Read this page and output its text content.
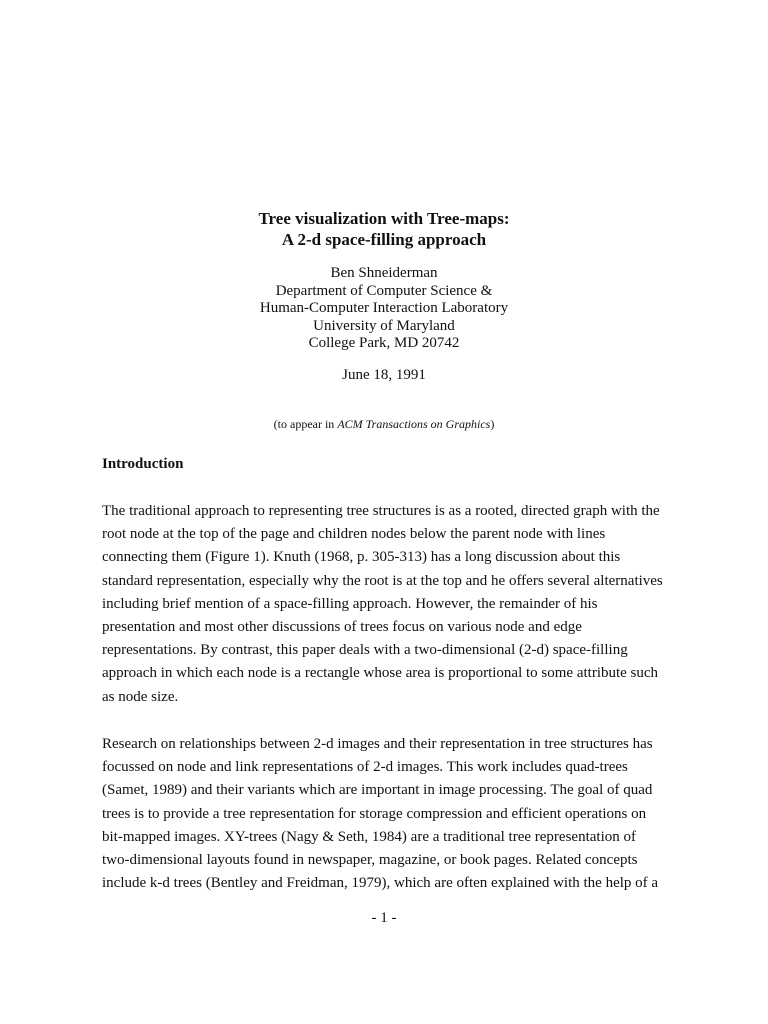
Tree visualization with Tree-maps:
A 2-d space-filling approach
Ben Shneiderman
Department of Computer Science &
Human-Computer Interaction Laboratory
University of Maryland
College Park, MD 20742
June 18, 1991
(to appear in ACM Transactions on Graphics)
Introduction
The traditional approach to representing tree structures is as a rooted, directed graph with the
root node at the top of the page and children nodes below the parent node with lines
connecting them (Figure 1). Knuth (1968, p. 305-313) has a long discussion about this
standard representation, especially why the root is at the top and he offers several alternatives
including brief mention of a space-filling approach. However, the remainder of his
presentation and most other discussions of trees focus on various node and edge
representations. By contrast, this paper deals with a two-dimensional (2-d) space-filling
approach in which each node is a rectangle whose area is proportional to some attribute such
as node size.
Research on relationships between 2-d images and their representation in tree structures has
focussed on node and link representations of 2-d images. This work includes quad-trees
(Samet, 1989) and their variants which are important in image processing. The goal of quad
trees is to provide a tree representation for storage compression and efficient operations on
bit-mapped images. XY-trees (Nagy & Seth, 1984) are a traditional tree representation of
two-dimensional layouts found in newspaper, magazine, or book pages. Related concepts
include k-d trees (Bentley and Freidman, 1979), which are often explained with the help of a
- 1 -
